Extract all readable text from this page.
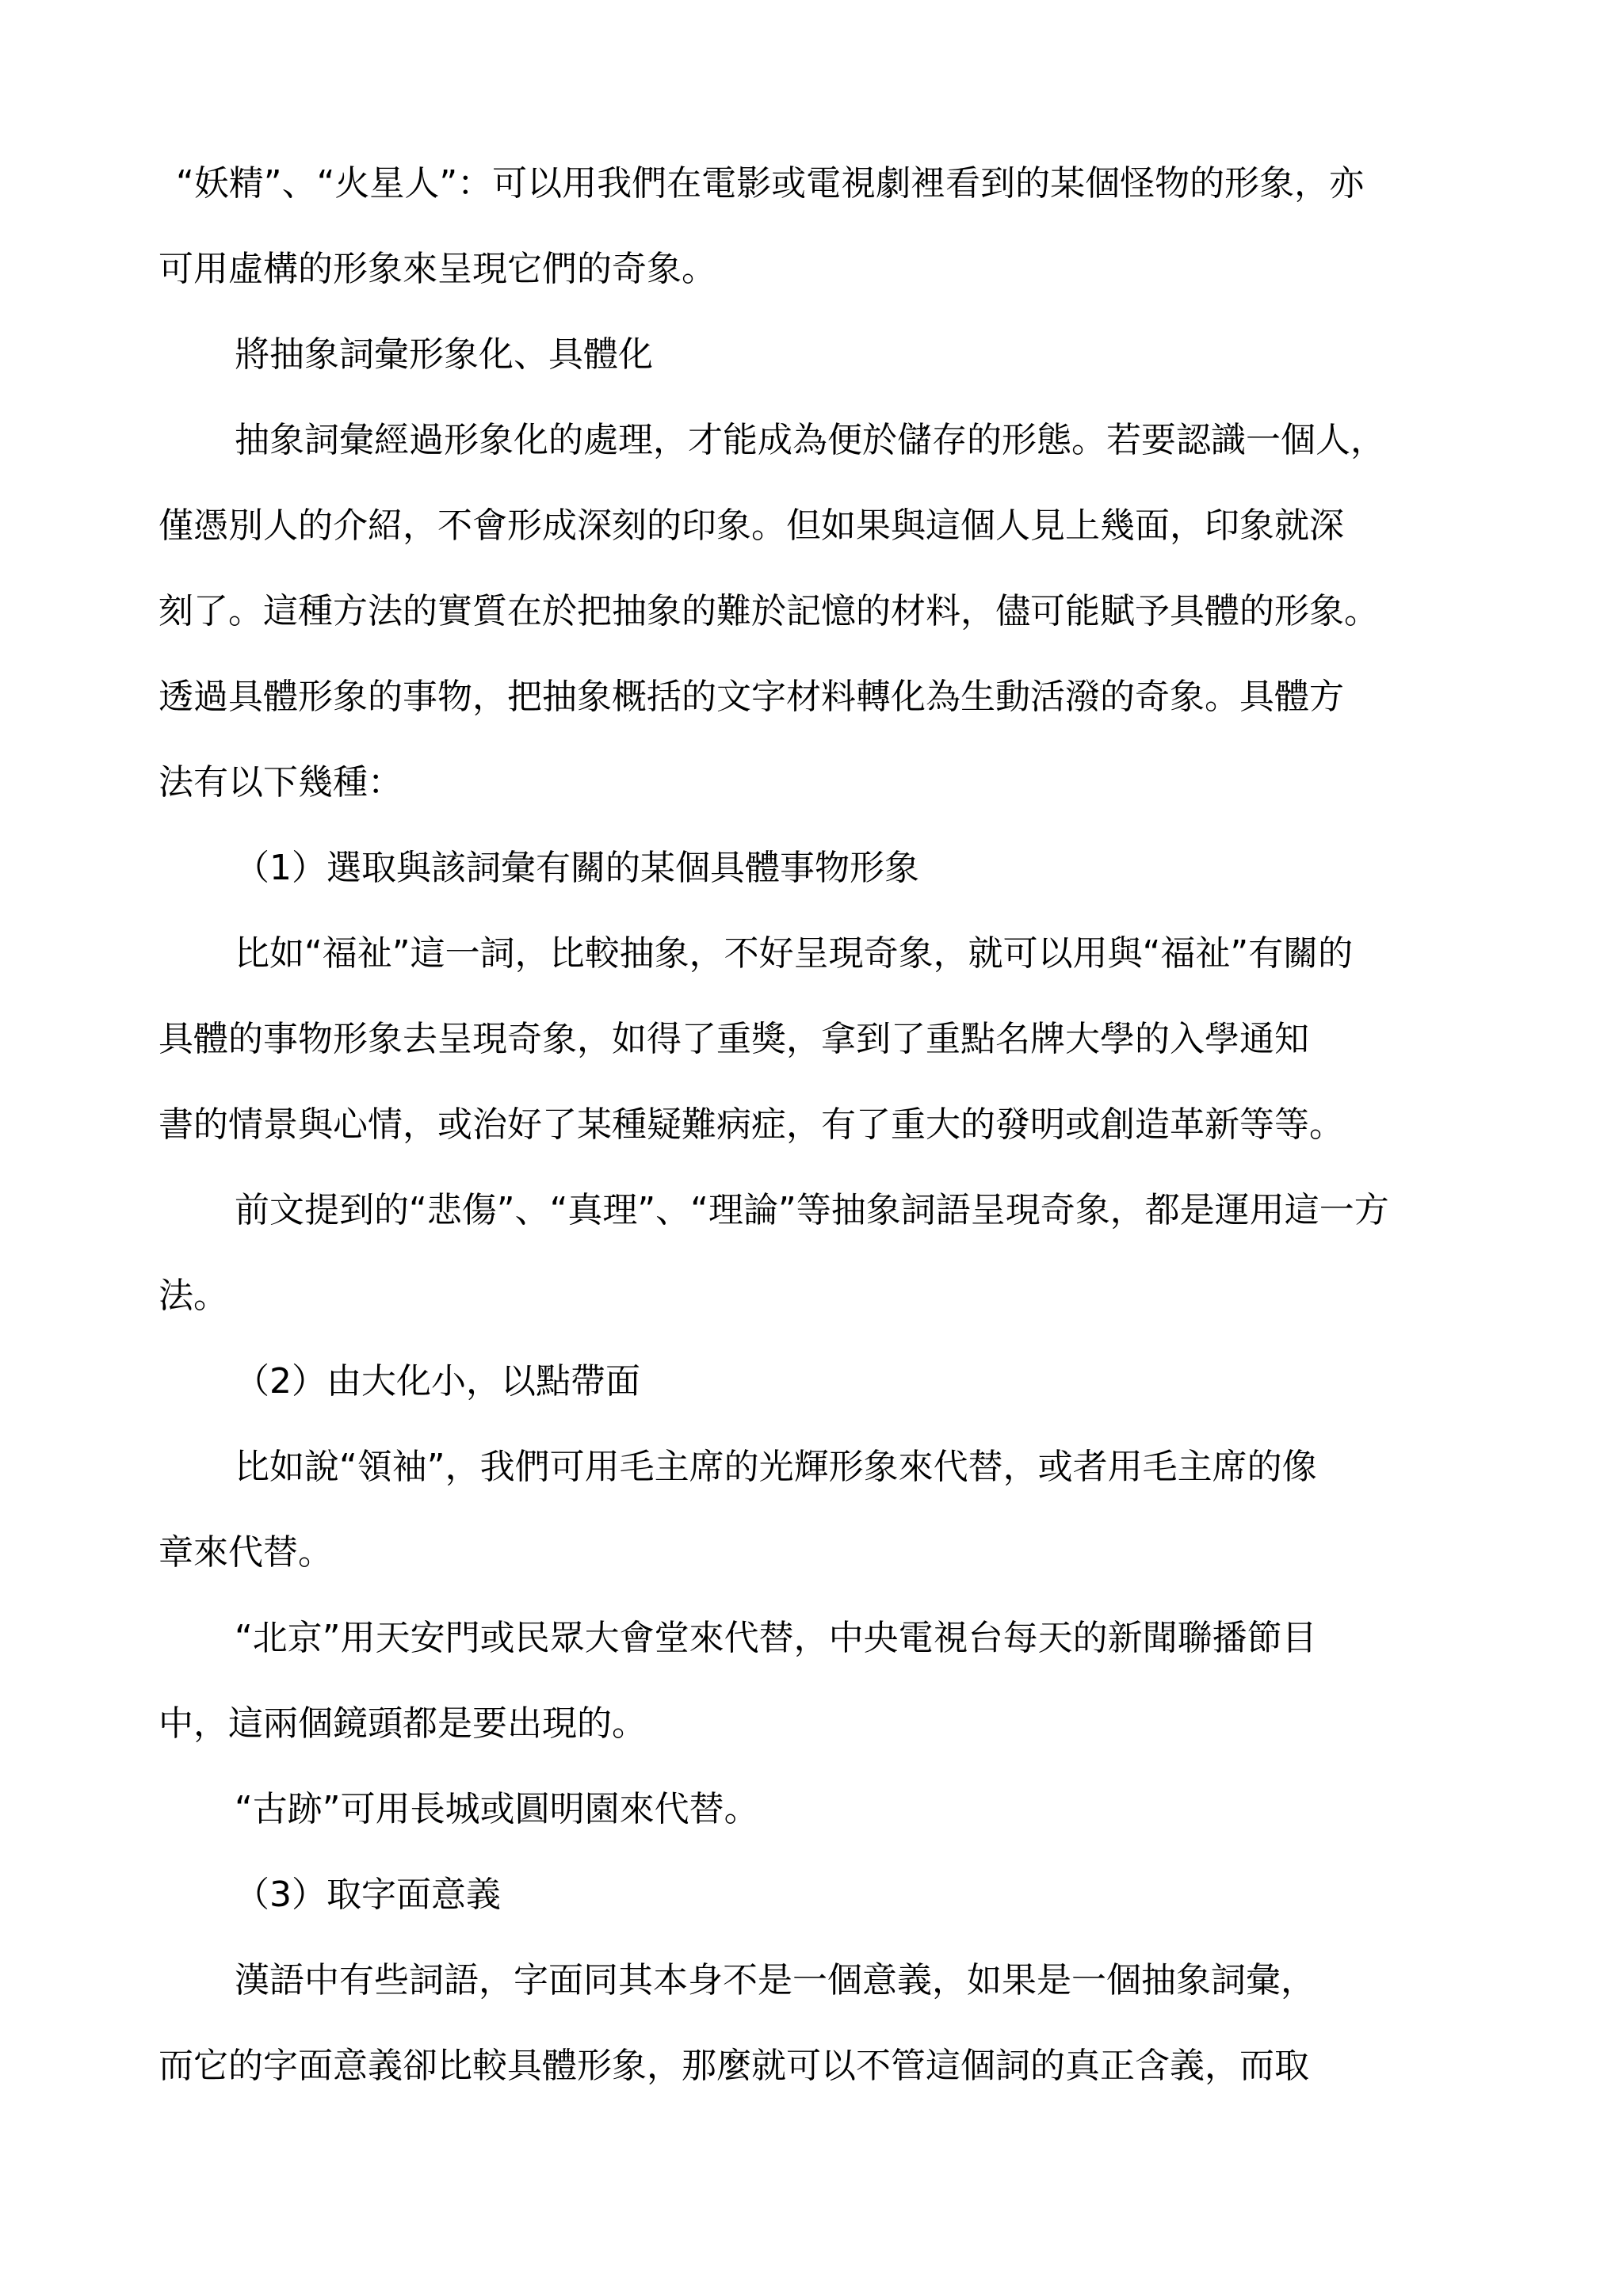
“妖精”、“火星人”：可以用我們在電影或電視劇裡看到的某個怪物的形象，亦
可用虛構的形象來呈現它們的奇象。
將抽象詞彙形象化、具體化
抽象詞彙經過形象化的處理，才能成為便於儲存的形態。若要認識一個人，
僅憑別人的介紹，不會形成深刻的印象。但如果與這個人見上幾面，印象就深
刻了。這種方法的實質在於把抽象的難於記憶的材料，儘可能賦予具體的形象。
透過具體形象的事物，把抽象概括的文字材料轉化為生動活潑的奇象。具體方
法有以下幾種：
（1）選取與該詞彙有關的某個具體事物形象
比如“福祉”這一詞，比較抽象，不好呈現奇象，就可以用與“福祉”有關的
具體的事物形象去呈現奇象，如得了重獎，拿到了重點名牌大學的入學通知
書的情景與心情，或治好了某種疑難病症，有了重大的發明或創造革新等等。
前文提到的“悲傷”、“真理”、“理論”等抽象詞語呈現奇象，都是運用這一方
法。
（2）由大化小，以點帶面
比如說“領袖”，我們可用毛主席的光輝形象來代替，或者用毛主席的像
章來代替。
“北京”用天安門或民眾大會堂來代替，中央電視台每天的新聞聯播節目
中，這兩個鏡頭都是要出現的。
“古跡”可用長城或圓明園來代替。
（3）取字面意義
漢語中有些詞語，字面同其本身不是一個意義，如果是一個抽象詞彙，
而它的字面意義卻比較具體形象，那麼就可以不管這個詞的真正含義，而取
